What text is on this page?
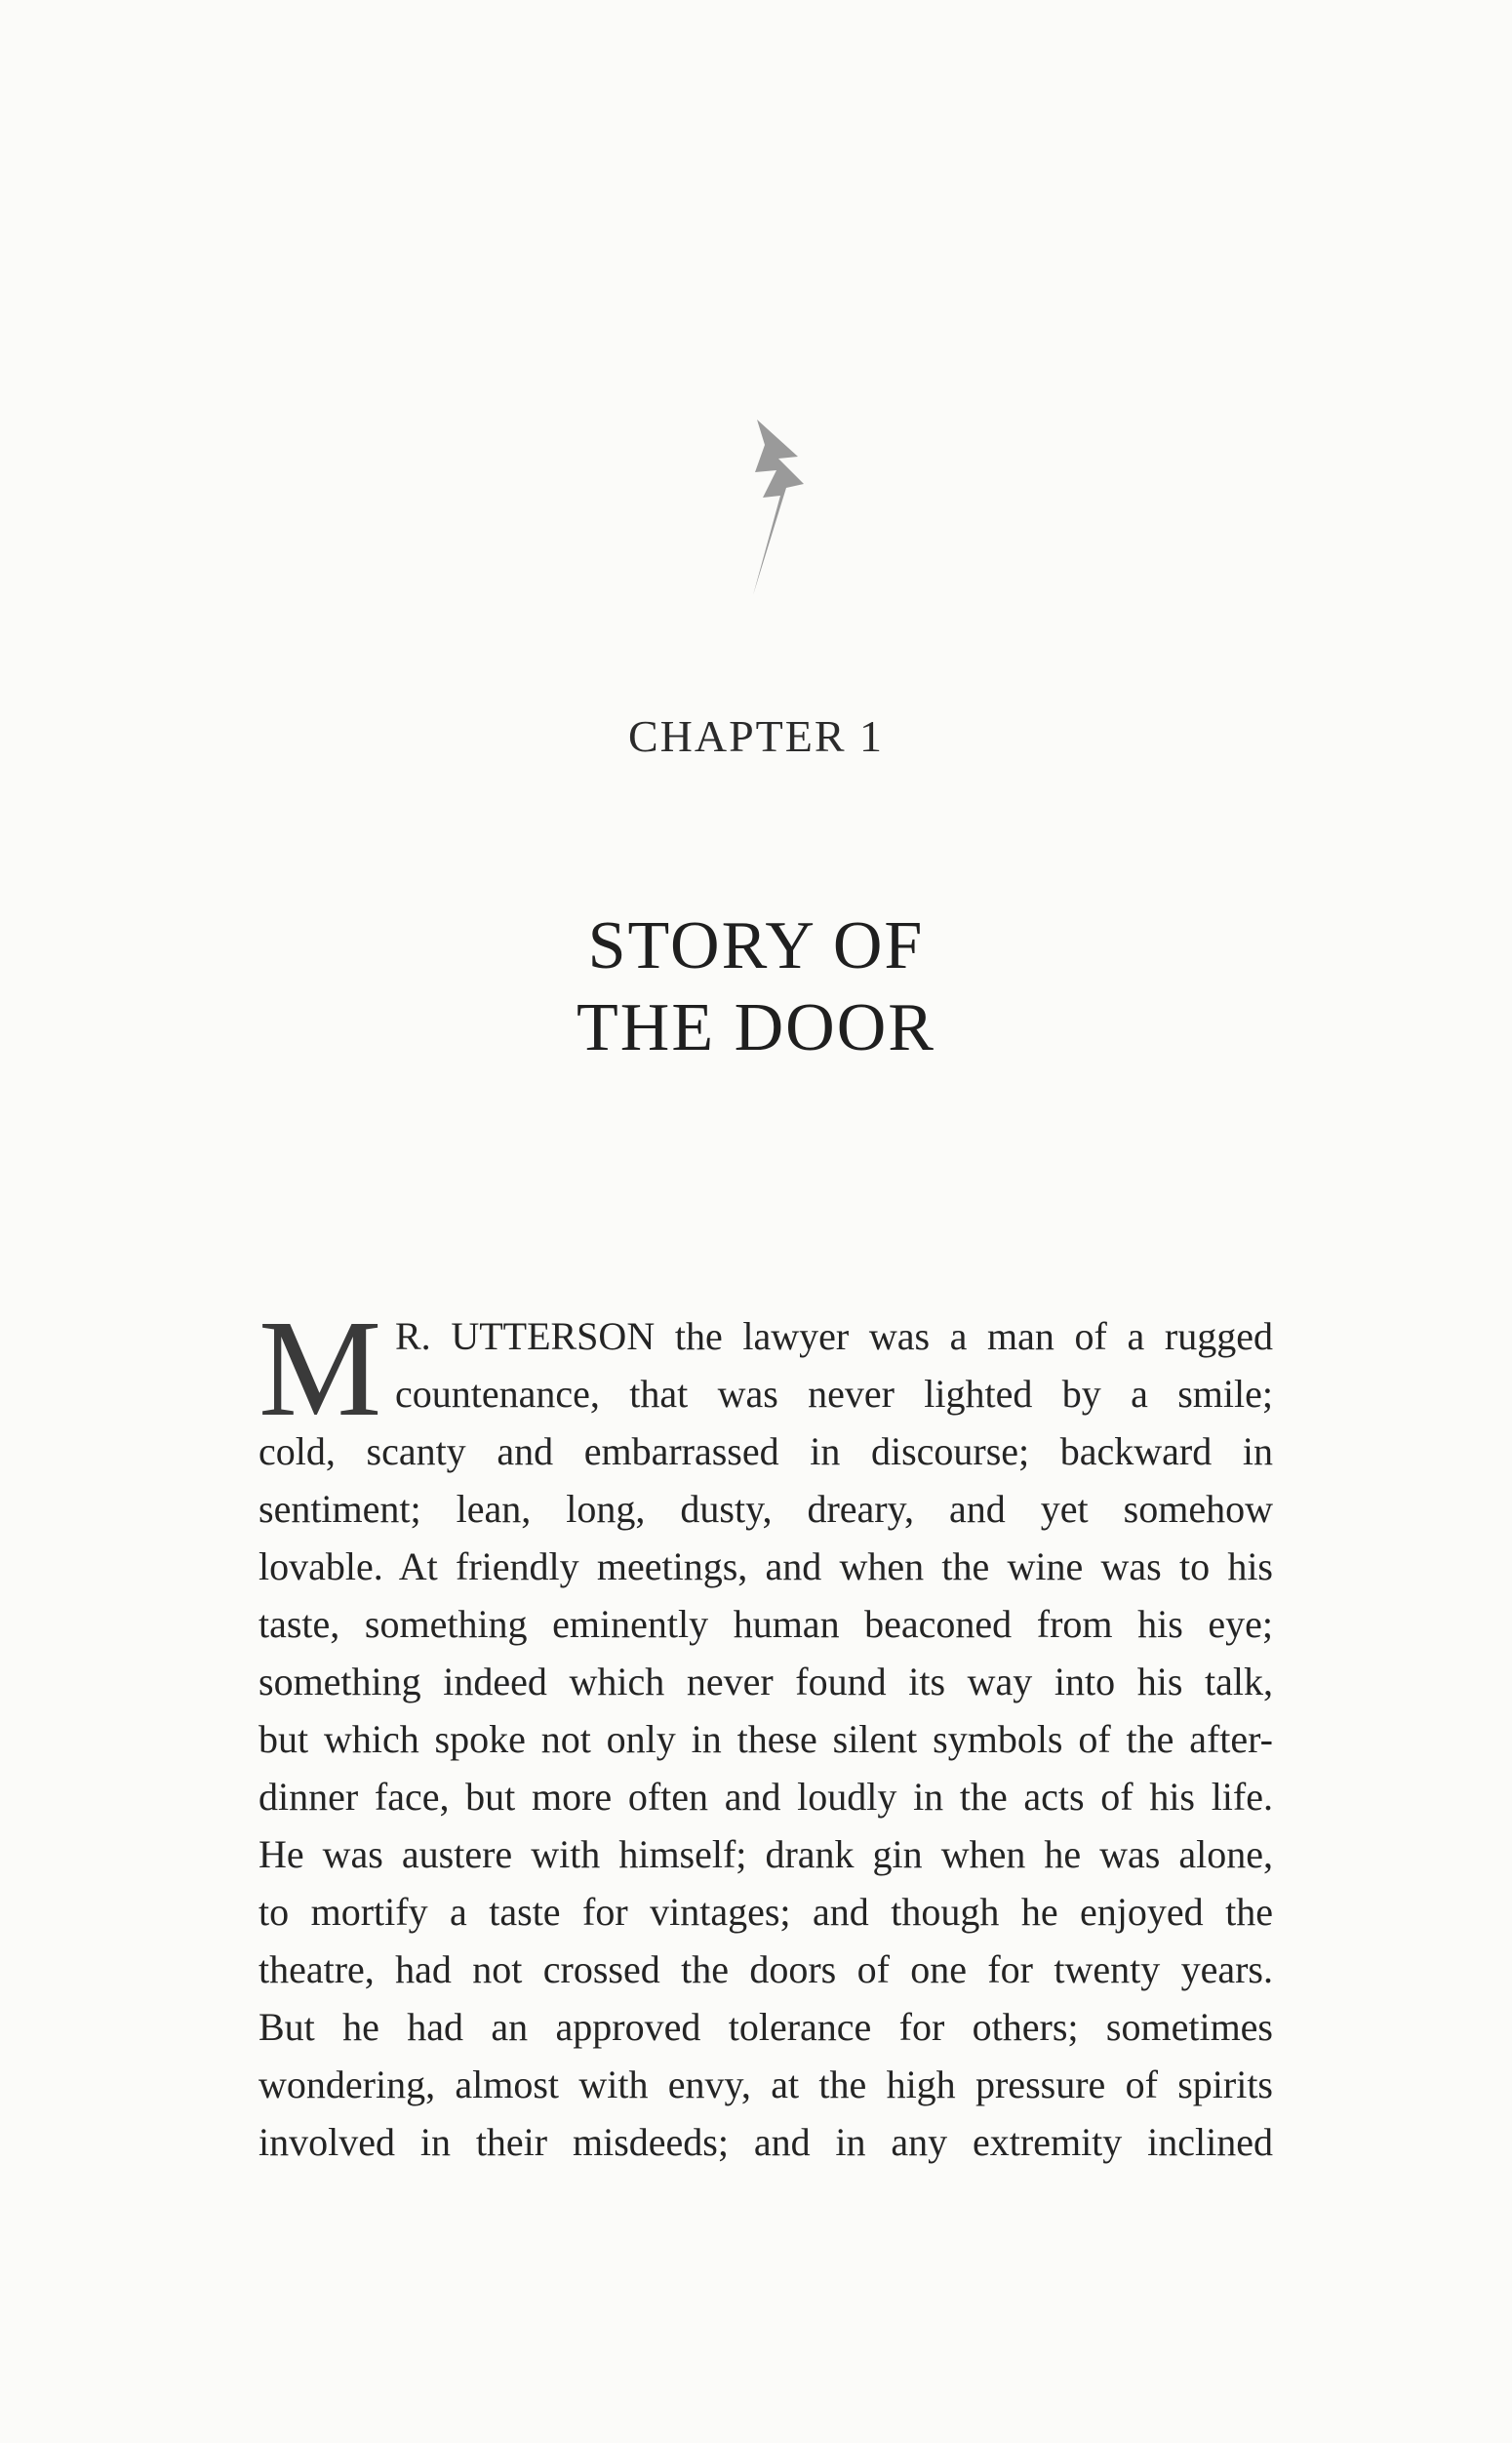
CHAPTER 1
STORY OF
THE DOOR
M R. UTTERSON the lawyer was a man of a rugged
countenance, that was never lighted by a smile;
cold, scanty and embarrassed in discourse; backward in
sentiment; lean, long, dusty, dreary, and yet somehow
lovable. At friendly meetings, and when the wine was to his
taste, something eminently human beaconed from his eye;
something indeed which never found its way into his talk,
but which spoke not only in these silent symbols of the after-
dinner face, but more often and loudly in the acts of his life.
He was austere with himself; drank gin when he was alone,
to mortify a taste for vintages; and though he enjoyed the
theatre, had not crossed the doors of one for twenty years.
But he had an approved tolerance for others; sometimes
wondering, almost with envy, at the high pressure of spirits
involved in their misdeeds; and in any extremity inclined
